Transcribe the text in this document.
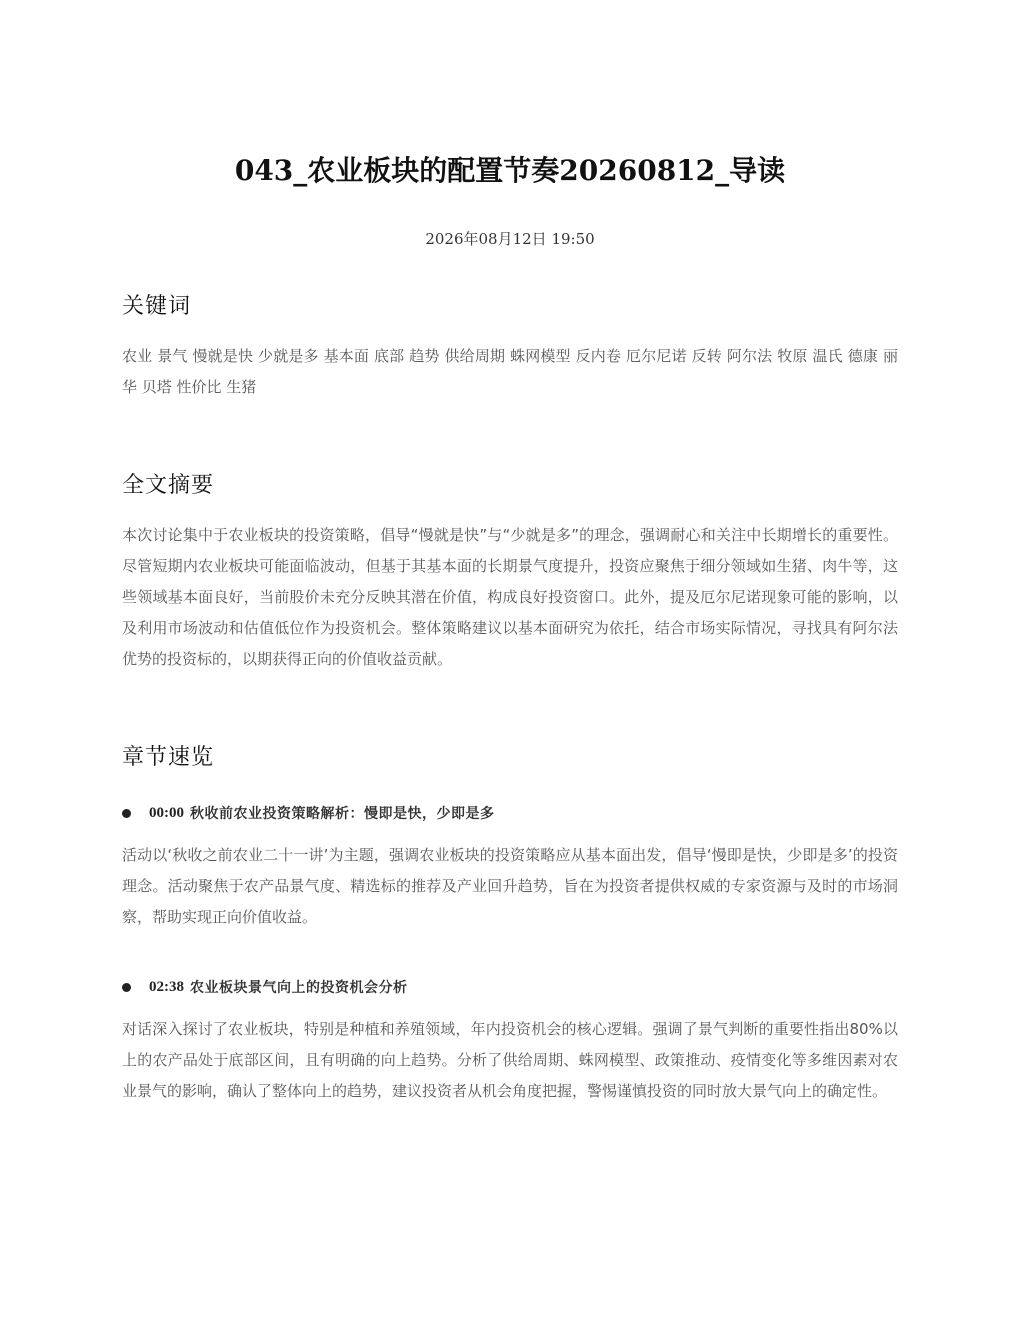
043_农业板块的配置节奏20260812_导读
2026年08月12日 19:50
关键词

农业 景气 慢就是快 少就是多 基本面 底部 趋势 供给周期 蛛网模型 反内卷 厄尔尼诺 反转 阿尔法 牧原 温氏 德康 丽华 贝塔 性价比 生猪

全文摘要

本次讨论集中于农业板块的投资策略，倡导“慢就是快”与“少就是多”的理念，强调耐心和关注中长期增长的重要性。尽管短期内农业板块可能面临波动，但基于其基本面的长期景气度提升，投资应聚焦于细分领域如生猪、肉牛等，这些领域基本面良好，当前股价未充分反映其潜在价值，构成良好投资窗口。此外，提及厄尔尼诺现象可能的影响，以及利用市场波动和估值低位作为投资机会。整体策略建议以基本面研究为依托，结合市场实际情况，寻找具有阿尔法优势的投资标的，以期获得正向的价值收益贡献。

章节速览
00:00 秋收前农业投资策略解析：慢即是快，少即是多

活动以‘秋收之前农业二十一讲’为主题，强调农业板块的投资策略应从基本面出发，倡导‘慢即是快，少即是多’的投资理念。活动聚焦于农产品景气度、精选标的推荐及产业回升趋势，旨在为投资者提供权威的专家资源与及时的市场洞察，帮助实现正向价值收益。

02:38 农业板块景气向上的投资机会分析

对话深入探讨了农业板块，特别是种植和养殖领域，年内投资机会的核心逻辑。强调了景气判断的重要性指出80%以上的农产品处于底部区间，且有明确的向上趋势。分析了供给周期、蛛网模型、政策推动、疫情变化等多维因素对农业景气的影响，确认了整体向上的趋势，建议投资者从机会角度把握，警惕谨慎投资的同时放大景气向上的确定性。
